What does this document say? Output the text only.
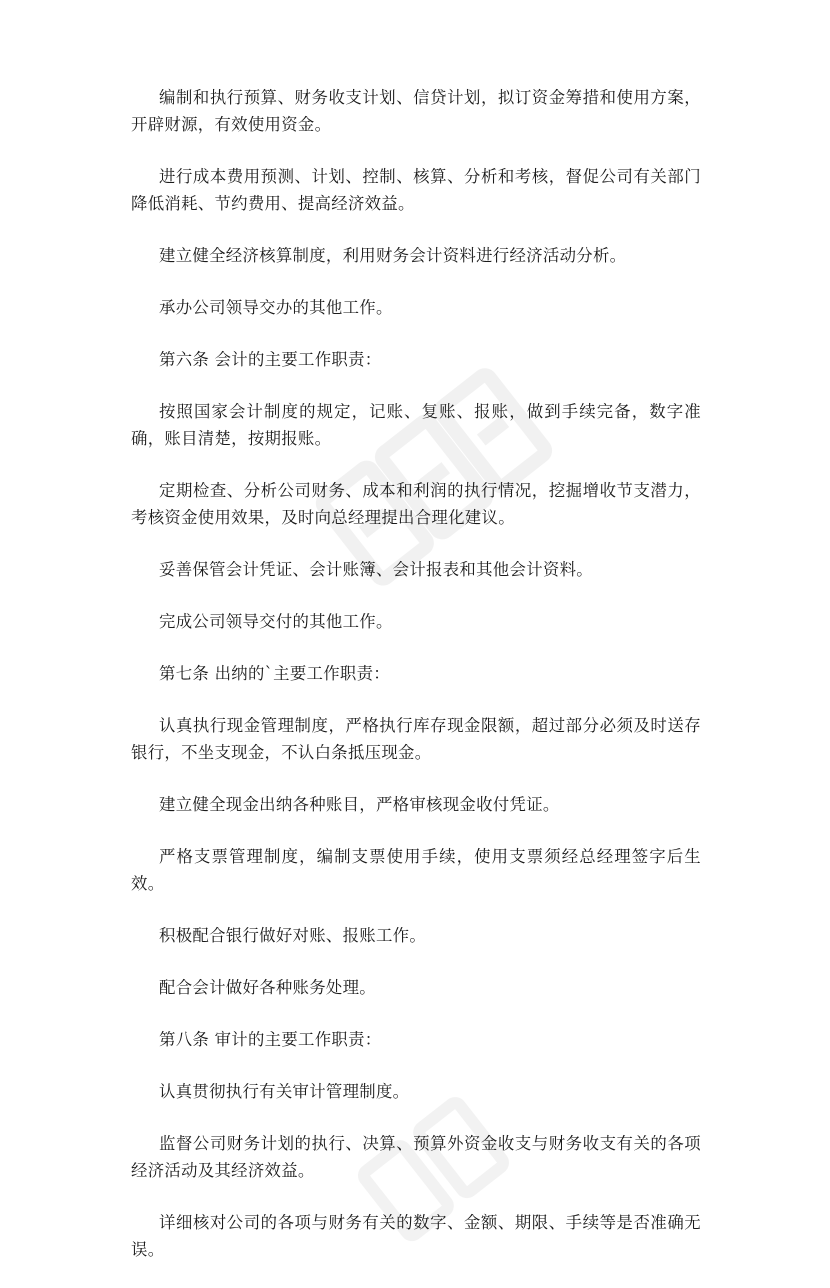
编制和执行预算、财务收支计划、信贷计划，拟订资金筹措和使用方案，开辟财源，有效使用资金。

进行成本费用预测、计划、控制、核算、分析和考核，督促公司有关部门降低消耗、节约费用、提高经济效益。

建立健全经济核算制度，利用财务会计资料进行经济活动分析。

承办公司领导交办的其他工作。

第六条 会计的主要工作职责：

按照国家会计制度的规定，记账、复账、报账，做到手续完备，数字准确，账目清楚，按期报账。

定期检查、分析公司财务、成本和利润的执行情况，挖掘增收节支潜力，考核资金使用效果，及时向总经理提出合理化建议。

妥善保管会计凭证、会计账簿、会计报表和其他会计资料。

完成公司领导交付的其他工作。

第七条 出纳的`主要工作职责：

认真执行现金管理制度，严格执行库存现金限额，超过部分必须及时送存银行，不坐支现金，不认白条抵压现金。

建立健全现金出纳各种账目，严格审核现金收付凭证。

严格支票管理制度，编制支票使用手续，使用支票须经总经理签字后生效。

积极配合银行做好对账、报账工作。

配合会计做好各种账务处理。

第八条 审计的主要工作职责：

认真贯彻执行有关审计管理制度。

监督公司财务计划的执行、决算、预算外资金收支与财务收支有关的各项经济活动及其经济效益。

详细核对公司的各项与财务有关的数字、金额、期限、手续等是否准确无误。
